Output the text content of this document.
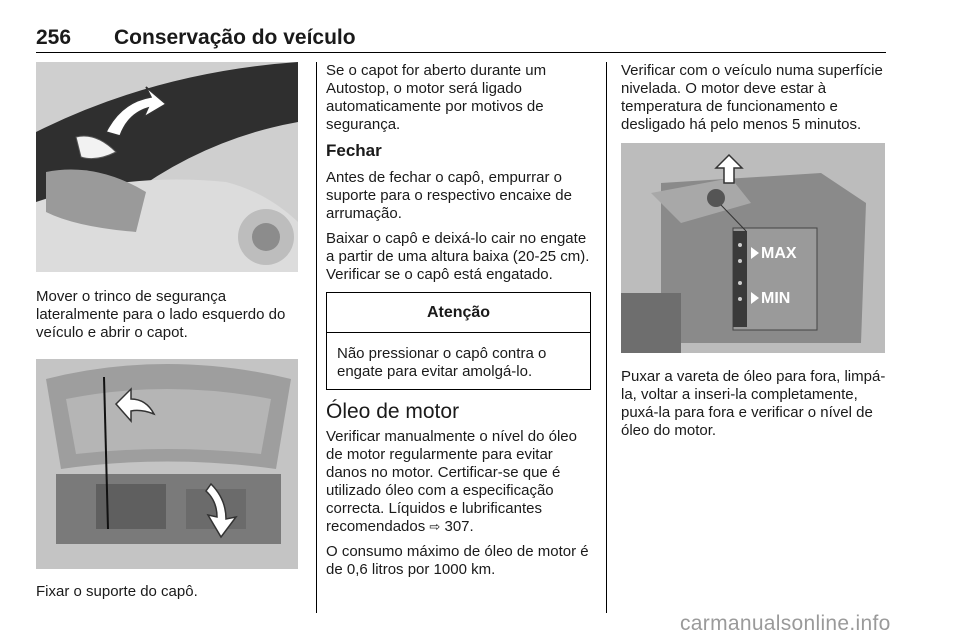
256 Conservação do veículo

Mover o trinco de segurança lateralmente para o lado esquerdo do veículo e abrir o capot.

Fixar o suporte do capô.

Se o capot for aberto durante um Autostop, o motor será ligado automaticamente por motivos de segurança.

Fechar

Antes de fechar o capô, empurrar o suporte para o respectivo encaixe de arrumação.

Baixar o capô e deixá-lo cair no engate a partir de uma altura baixa (20-25 cm). Verificar se o capô está engatado.

Atenção

Não pressionar o capô contra o engate para evitar amolgá-lo.

Óleo de motor

Verificar manualmente o nível do óleo de motor regularmente para evitar danos no motor. Certificar-se que é utilizado óleo com a especificação correcta. Líquidos e lubrificantes recomendados ⇨ 307.

O consumo máximo de óleo de motor é de 0,6 litros por 1000 km.

Verificar com o veículo numa superfície nivelada. O motor deve estar à temperatura de funcionamento e desligado há pelo menos 5 minutos.

MAX
MIN

Puxar a vareta de óleo para fora, limpá-la, voltar a inseri-la completamente, puxá-la para fora e verificar o nível de óleo do motor.

carmanualsonline.info
